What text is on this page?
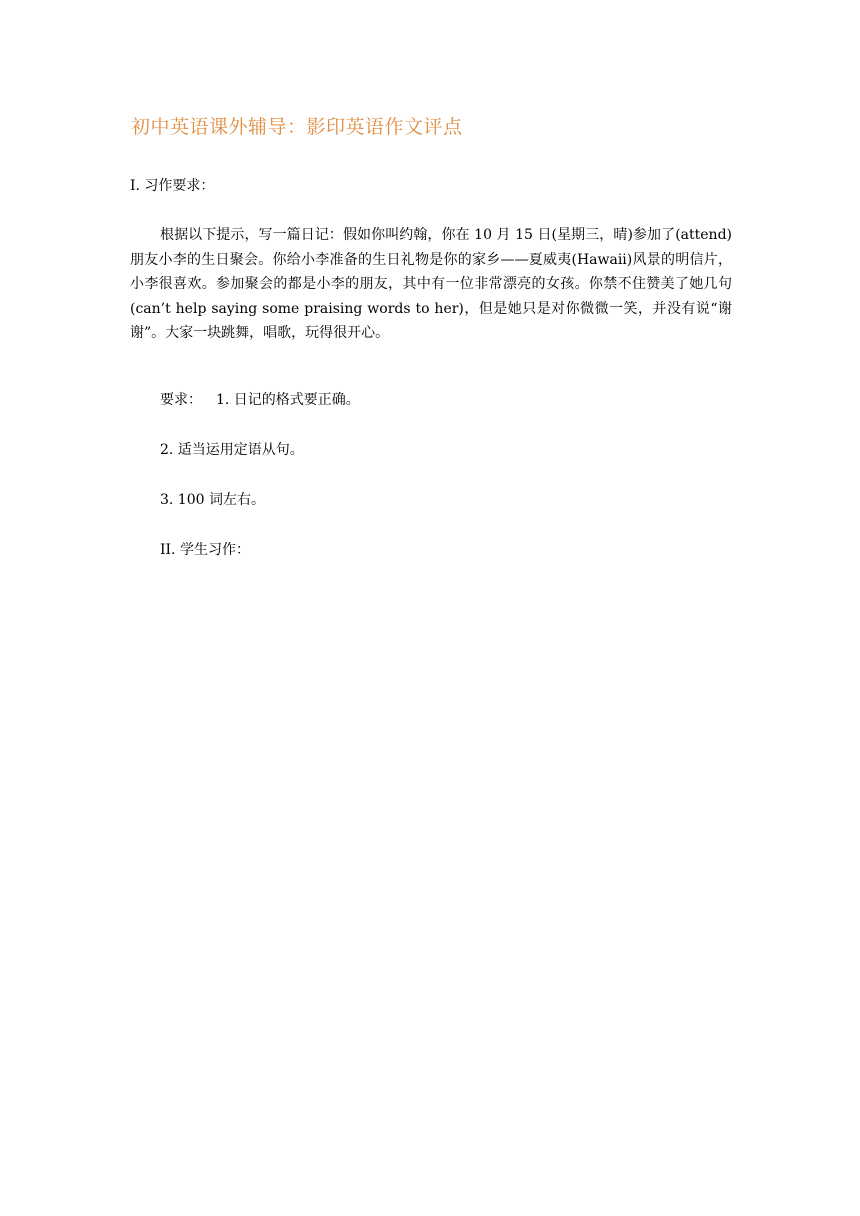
初中英语课外辅导：影印英语作文评点
I. 习作要求：

根据以下提示，写一篇日记：假如你叫约翰，你在 10 月 15 日(星期三，晴)参加了(attend)朋友小李的生日聚会。你给小李准备的生日礼物是你的家乡——夏威夷(Hawaii)风景的明信片，小李很喜欢。参加聚会的都是小李的朋友，其中有一位非常漂亮的女孩。你禁不住赞美了她几句(can’t help saying some praising words to her)，但是她只是对你微微一笑，并没有说“谢谢”。大家一块跳舞，唱歌，玩得很开心。

要求： 1. 日记的格式要正确。
2. 适当运用定语从句。
3. 100 词左右。
II. 学生习作：
